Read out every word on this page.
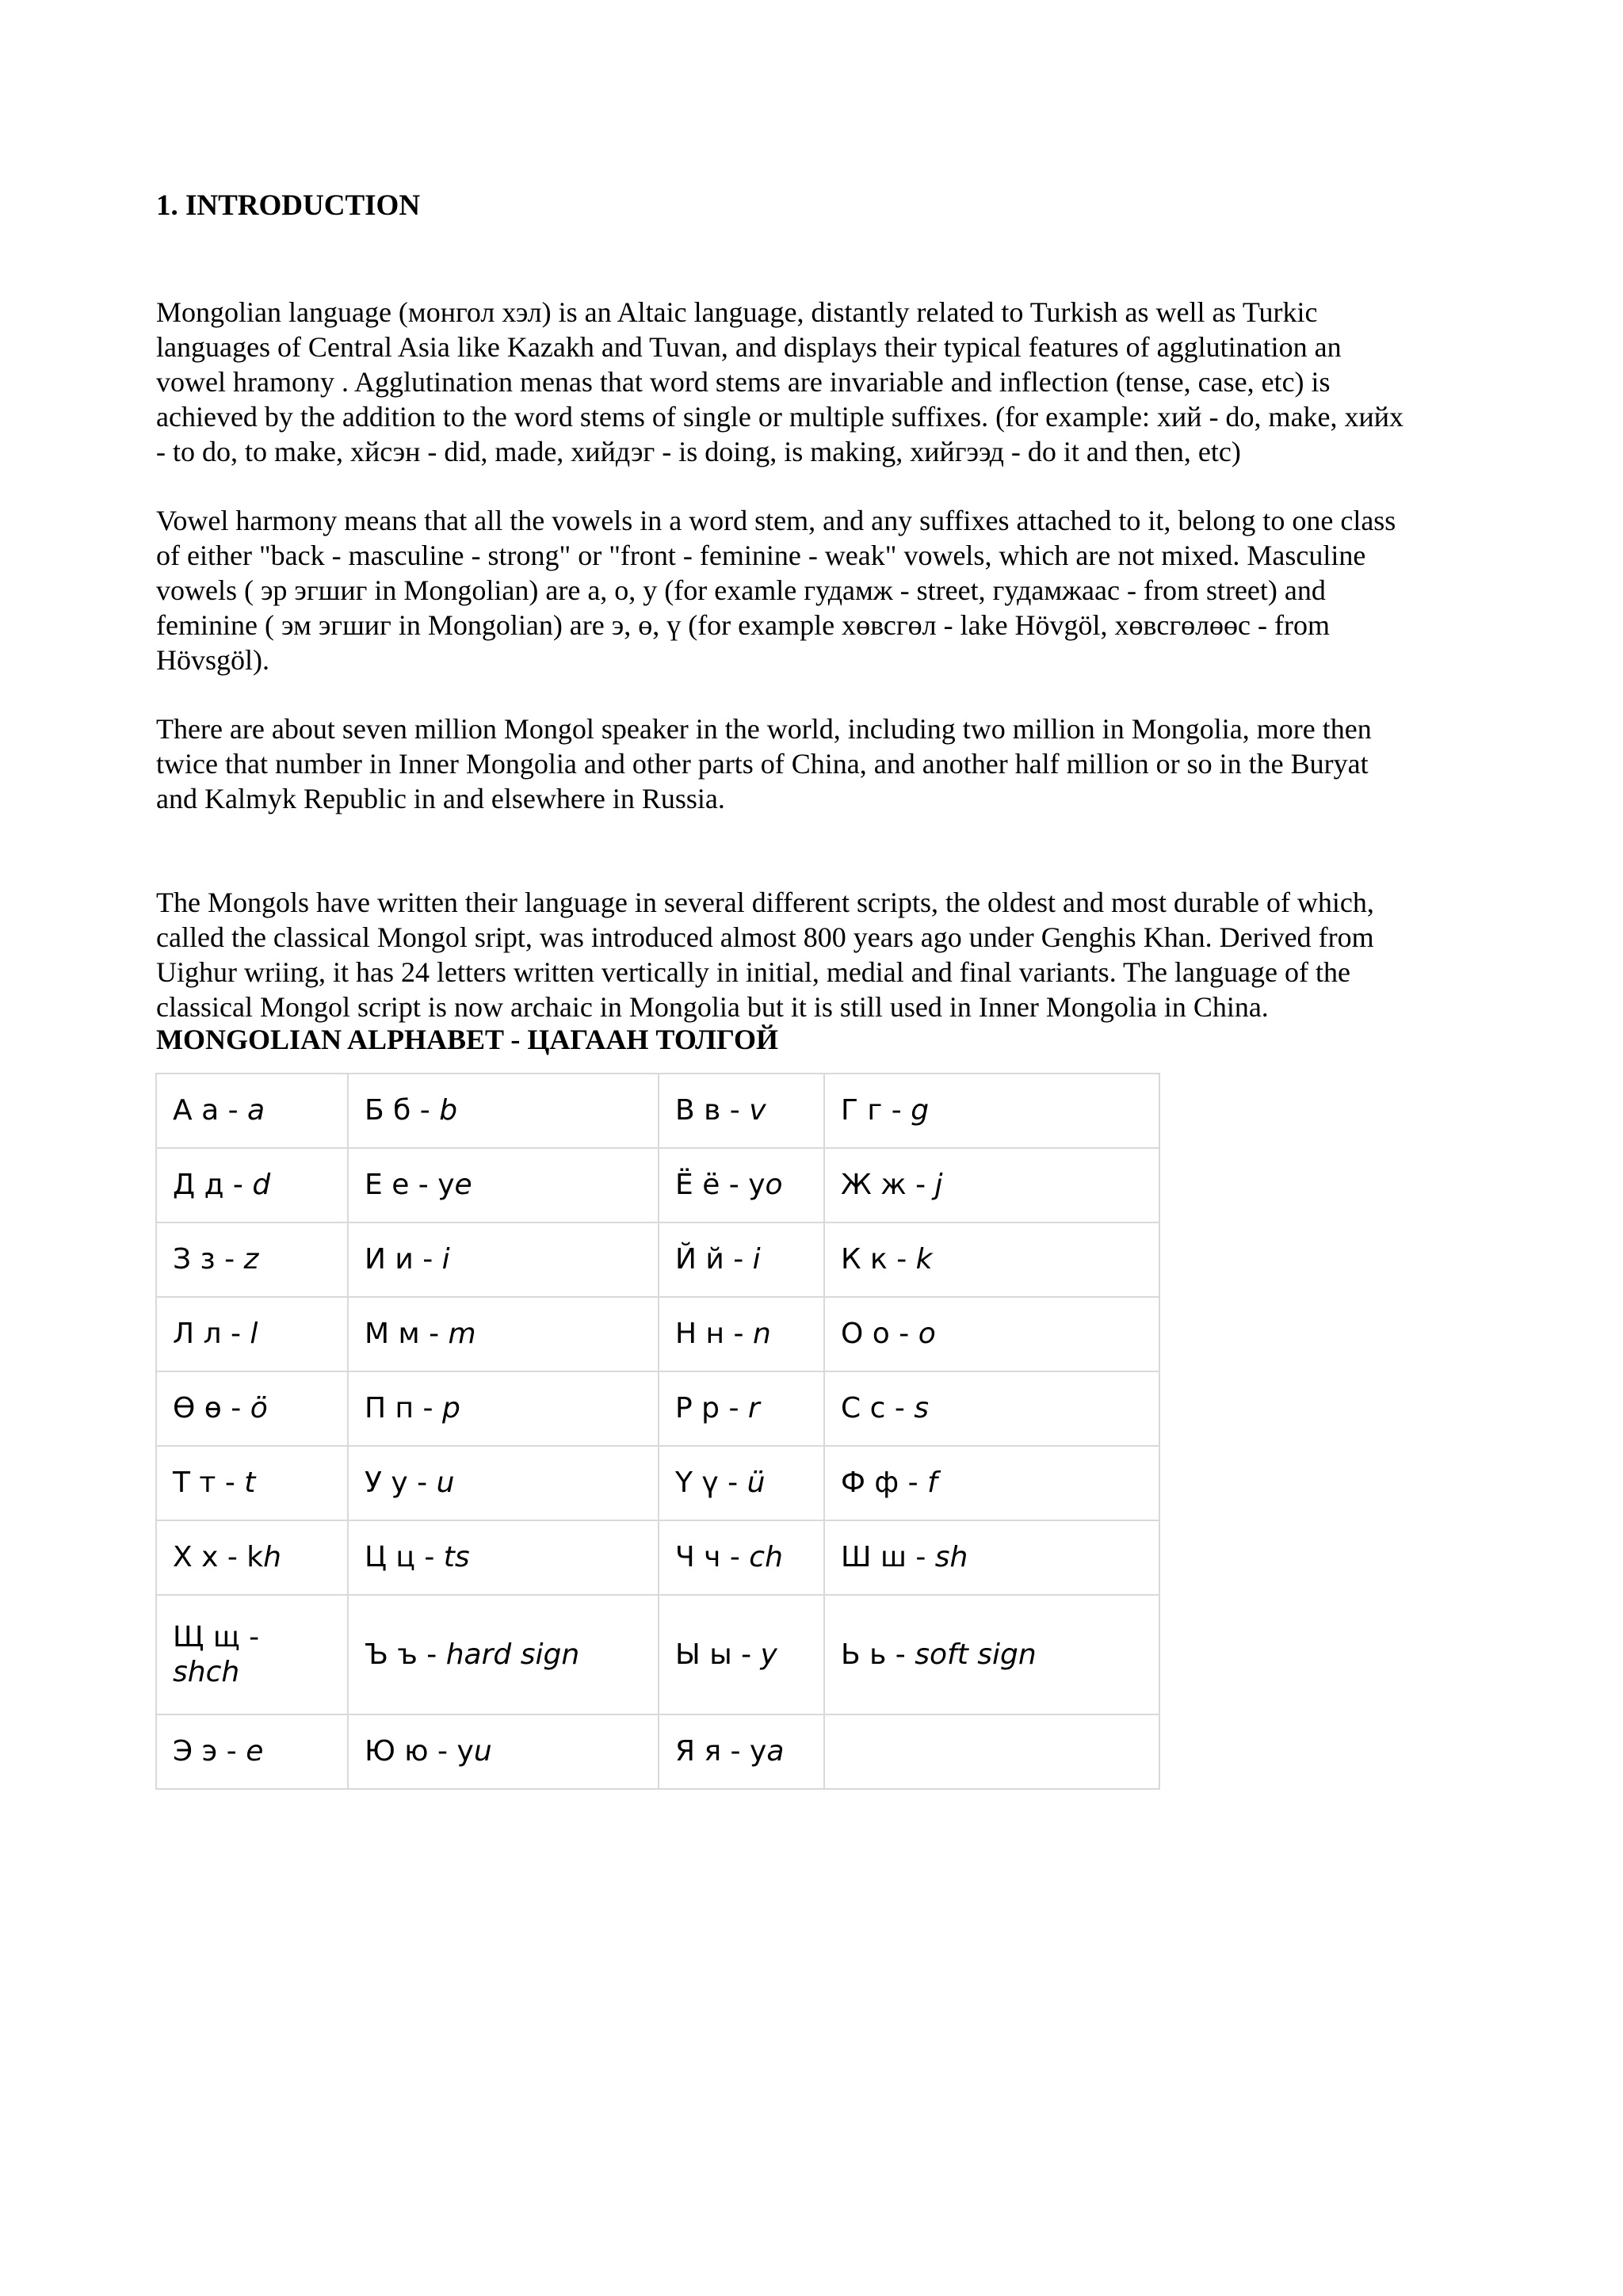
1. INTRODUCTION

Mongolian language (монгол хэл) is an Altaic language, distantly related to Turkish as well as Turkic
languages of Central Asia like Kazakh and Tuvan, and displays their typical features of agglutination an
vowel hramony . Agglutination menas that word stems are invariable and inflection (tense, case, etc) is
achieved by the addition to the word stems of single or multiple suffixes. (for example: хий - do, make, хийх
- to do, to make, хйсэн - did, made, хийдэг - is doing, is making, хийгээд - do it and then, etc)

Vowel harmony means that all the vowels in a word stem, and any suffixes attached to it, belong to one class
of either "back - masculine - strong" or "front - feminine - weak" vowels, which are not mixed. Masculine
vowels ( эр эгшиг in Mongolian) are а, о, у (for examle гудамж - street, гудамжаас - from street) and
feminine ( эм эгшиг in Mongolian) are э, ө, ү (for example хөвсгөл - lake Hövgöl, хөвсгөлөөс - from
Hövsgöl).

There are about seven million Mongol speaker in the world, including two million in Mongolia, more then
twice that number in Inner Mongolia and other parts of China, and another half million or so in the Buryat
and Kalmyk Republic in and elsewhere in Russia.

The Mongols have written their language in several different scripts, the oldest and most durable of which,
called the classical Mongol sript, was introduced almost 800 years ago under Genghis Khan. Derived from
Uighur wriing, it has 24 letters written vertically in initial, medial and final variants. The language of the
classical Mongol script is now archaic in Mongolia but it is still used in Inner Mongolia in China.

MONGOLIAN ALPHABET - ЦАГААН ТОЛГОЙ
А а - a	Б б - b	В в - v	Г г - g
Д д - d	Е е - ye	Ё ё - yo	Ж ж - j
З з - z	И и - i	Й й - i	К к - k
Л л - l	М м - m	Н н - n	О о - o
Ө ө - ö	П п - p	Р р - r	С с - s
Т т - t	У у - u	Ү ү - ü	Ф ф - f
Х х - kh	Ц ц - ts	Ч ч - ch	Ш ш - sh
Щ щ - shch	Ъ ъ - hard sign	Ы ы - y	Ь ь - soft sign
Э э - e	Ю ю - yu	Я я - ya	
